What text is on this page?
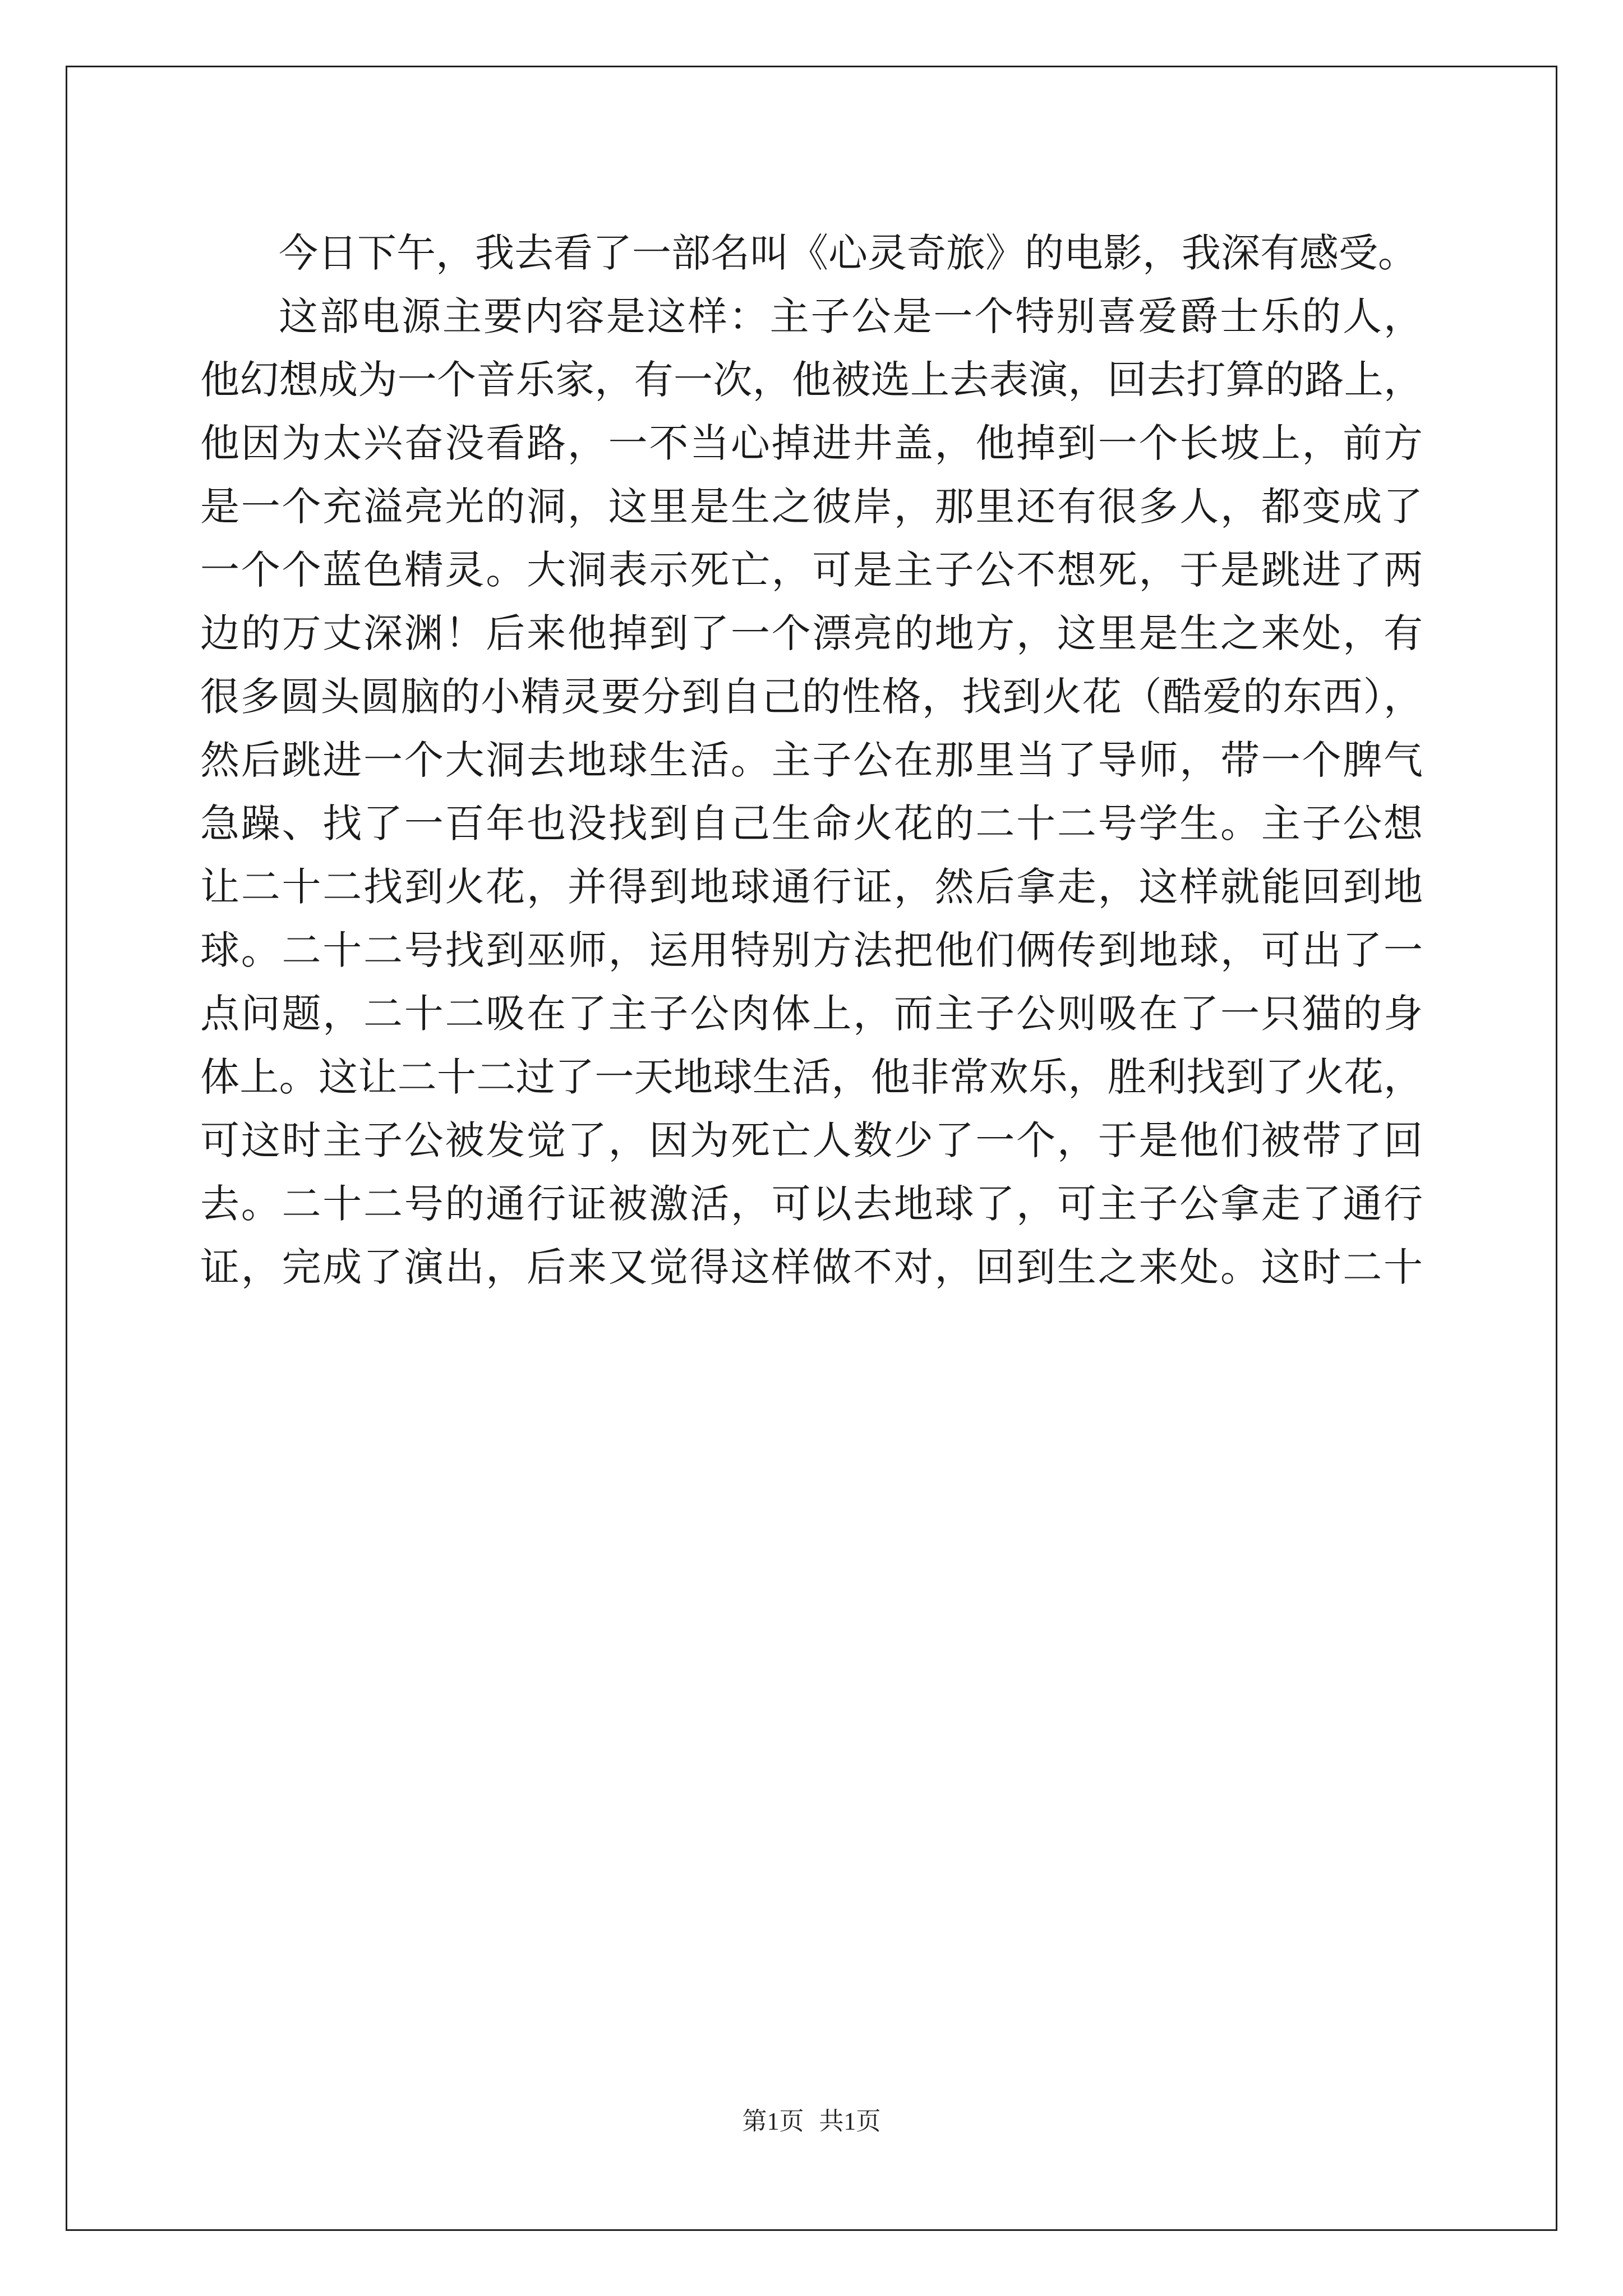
今日下午，我去看了一部名叫《心灵奇旅》的电影，我深有感受。
这部电源主要内容是这样：主子公是一个特别喜爱爵士乐的人，
他幻想成为一个音乐家，有一次，他被选上去表演，回去打算的路上，
他因为太兴奋没看路，一不当心掉进井盖，他掉到一个长坡上，前方
是一个充溢亮光的洞，这里是生之彼岸，那里还有很多人，都变成了
一个个蓝色精灵。大洞表示死亡，可是主子公不想死，于是跳进了两
边的万丈深渊！后来他掉到了一个漂亮的地方，这里是生之来处，有
很多圆头圆脑的小精灵要分到自己的性格，找到火花（酷爱的东西），
然后跳进一个大洞去地球生活。主子公在那里当了导师，带一个脾气
急躁、找了一百年也没找到自己生命火花的二十二号学生。主子公想
让二十二找到火花，并得到地球通行证，然后拿走，这样就能回到地
球。二十二号找到巫师，运用特别方法把他们俩传到地球，可出了一
点问题，二十二吸在了主子公肉体上，而主子公则吸在了一只猫的身
体上。这让二十二过了一天地球生活，他非常欢乐，胜利找到了火花，
可这时主子公被发觉了，因为死亡人数少了一个，于是他们被带了回
去。二十二号的通行证被激活，可以去地球了，可主子公拿走了通行
证，完成了演出，后来又觉得这样做不对，回到生之来处。这时二十
第1页 共1页
